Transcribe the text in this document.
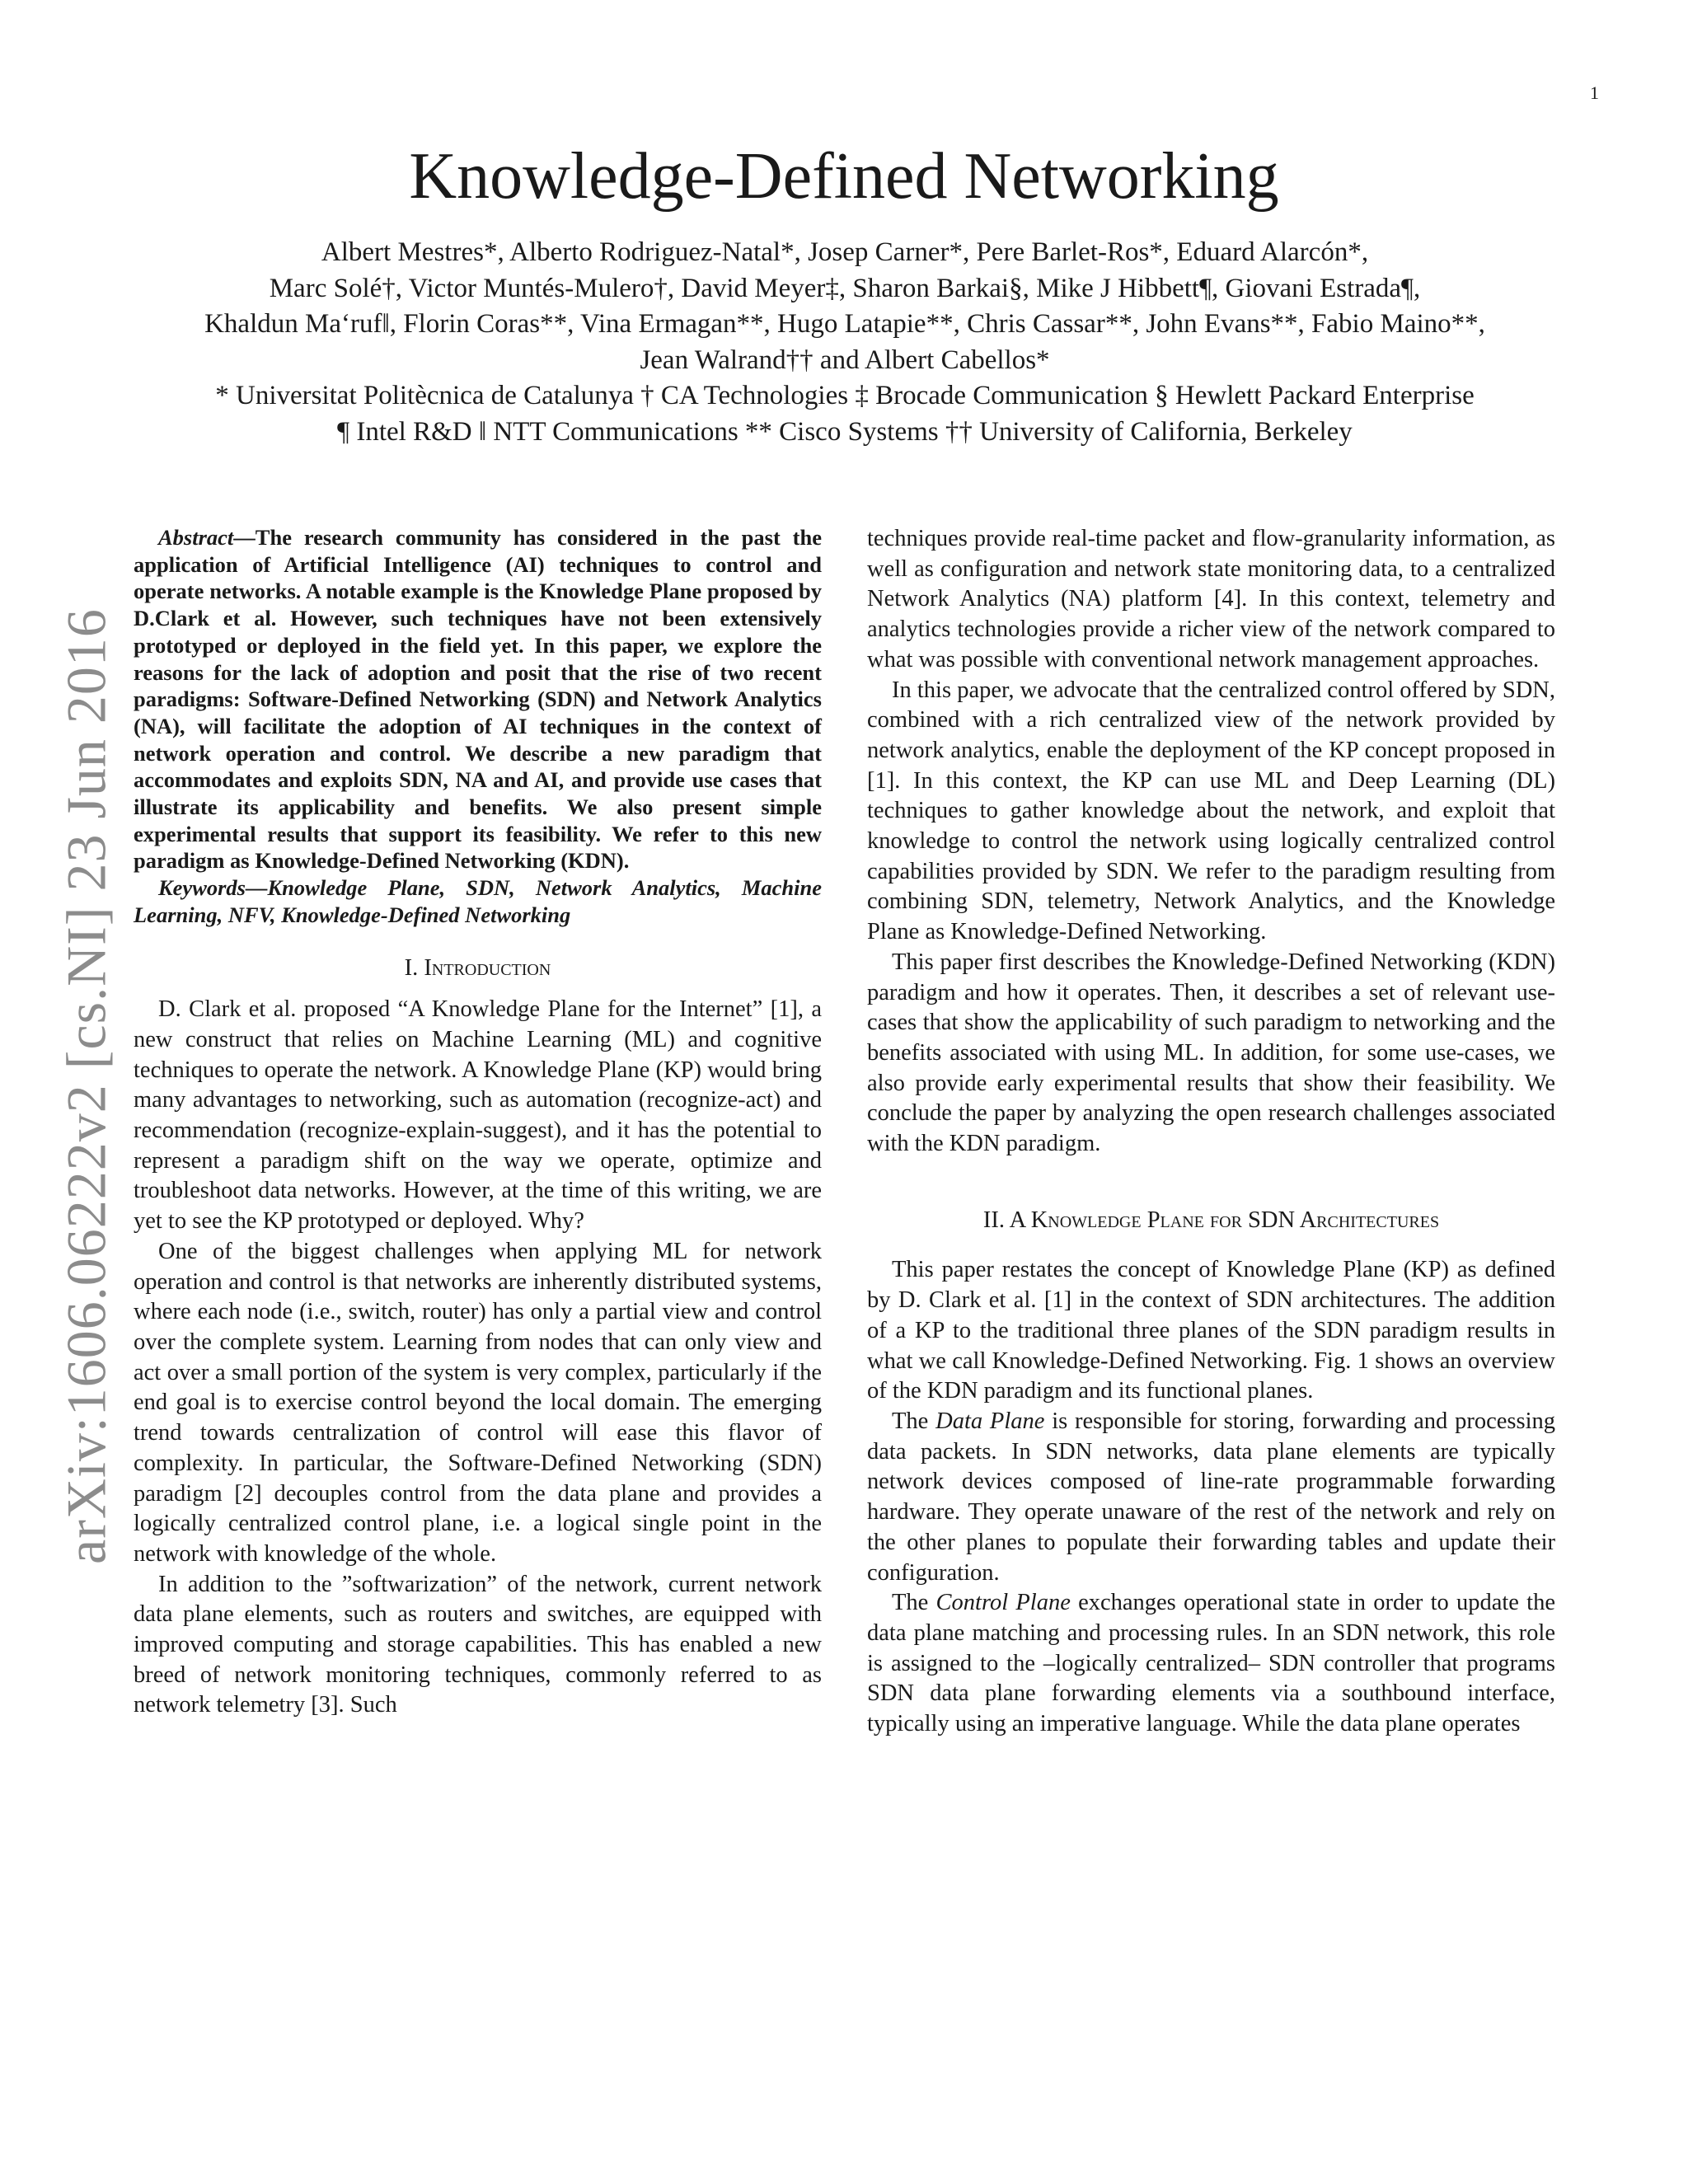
1
arXiv:1606.06222v2 [cs.NI] 23 Jun 2016
Knowledge-Defined Networking
Albert Mestres*, Alberto Rodriguez-Natal*, Josep Carner*, Pere Barlet-Ros*, Eduard Alarcón*,
Marc Solé†, Victor Muntés-Mulero†, David Meyer‡, Sharon Barkai§, Mike J Hibbett¶, Giovani Estrada¶,
Khaldun Ma‘ruf‖, Florin Coras**, Vina Ermagan**, Hugo Latapie**, Chris Cassar**, John Evans**, Fabio Maino**,
Jean Walrand†† and Albert Cabellos*
* Universitat Politècnica de Catalunya † CA Technologies ‡ Brocade Communication § Hewlett Packard Enterprise
¶ Intel R&D ‖ NTT Communications ** Cisco Systems †† University of California, Berkeley

Abstract—The research community has considered in the past the application of Artificial Intelligence (AI) techniques to control and operate networks. A notable example is the Knowledge Plane proposed by D.Clark et al. However, such techniques have not been extensively prototyped or deployed in the field yet. In this paper, we explore the reasons for the lack of adoption and posit that the rise of two recent paradigms: Software-Defined Networking (SDN) and Network Analytics (NA), will facilitate the adoption of AI techniques in the context of network operation and control. We describe a new paradigm that accommodates and exploits SDN, NA and AI, and provide use cases that illustrate its applicability and benefits. We also present simple experimental results that support its feasibility. We refer to this new paradigm as Knowledge-Defined Networking (KDN).

Keywords—Knowledge Plane, SDN, Network Analytics, Machine Learning, NFV, Knowledge-Defined Networking

I. Introduction

D. Clark et al. proposed “A Knowledge Plane for the Internet” [1], a new construct that relies on Machine Learning (ML) and cognitive techniques to operate the network. A Knowledge Plane (KP) would bring many advantages to networking, such as automation (recognize-act) and recommendation (recognize-explain-suggest), and it has the potential to represent a paradigm shift on the way we operate, optimize and troubleshoot data networks. However, at the time of this writing, we are yet to see the KP prototyped or deployed. Why?

One of the biggest challenges when applying ML for network operation and control is that networks are inherently distributed systems, where each node (i.e., switch, router) has only a partial view and control over the complete system. Learning from nodes that can only view and act over a small portion of the system is very complex, particularly if the end goal is to exercise control beyond the local domain. The emerging trend towards centralization of control will ease this flavor of complexity. In particular, the Software-Defined Networking (SDN) paradigm [2] decouples control from the data plane and provides a logically centralized control plane, i.e. a logical single point in the network with knowledge of the whole.

In addition to the ”softwarization” of the network, current network data plane elements, such as routers and switches, are equipped with improved computing and storage capabilities. This has enabled a new breed of network monitoring techniques, commonly referred to as network telemetry [3]. Such

techniques provide real-time packet and flow-granularity information, as well as configuration and network state monitoring data, to a centralized Network Analytics (NA) platform [4]. In this context, telemetry and analytics technologies provide a richer view of the network compared to what was possible with conventional network management approaches.

In this paper, we advocate that the centralized control offered by SDN, combined with a rich centralized view of the network provided by network analytics, enable the deployment of the KP concept proposed in [1]. In this context, the KP can use ML and Deep Learning (DL) techniques to gather knowledge about the network, and exploit that knowledge to control the network using logically centralized control capabilities provided by SDN. We refer to the paradigm resulting from combining SDN, telemetry, Network Analytics, and the Knowledge Plane as Knowledge-Defined Networking.

This paper first describes the Knowledge-Defined Networking (KDN) paradigm and how it operates. Then, it describes a set of relevant use-cases that show the applicability of such paradigm to networking and the benefits associated with using ML. In addition, for some use-cases, we also provide early experimental results that show their feasibility. We conclude the paper by analyzing the open research challenges associated with the KDN paradigm.

II. A Knowledge Plane for SDN Architectures

This paper restates the concept of Knowledge Plane (KP) as defined by D. Clark et al. [1] in the context of SDN architectures. The addition of a KP to the traditional three planes of the SDN paradigm results in what we call Knowledge-Defined Networking. Fig. 1 shows an overview of the KDN paradigm and its functional planes.

The Data Plane is responsible for storing, forwarding and processing data packets. In SDN networks, data plane elements are typically network devices composed of line-rate programmable forwarding hardware. They operate unaware of the rest of the network and rely on the other planes to populate their forwarding tables and update their configuration.

The Control Plane exchanges operational state in order to update the data plane matching and processing rules. In an SDN network, this role is assigned to the –logically centralized– SDN controller that programs SDN data plane forwarding elements via a southbound interface, typically using an imperative language. While the data plane operates
